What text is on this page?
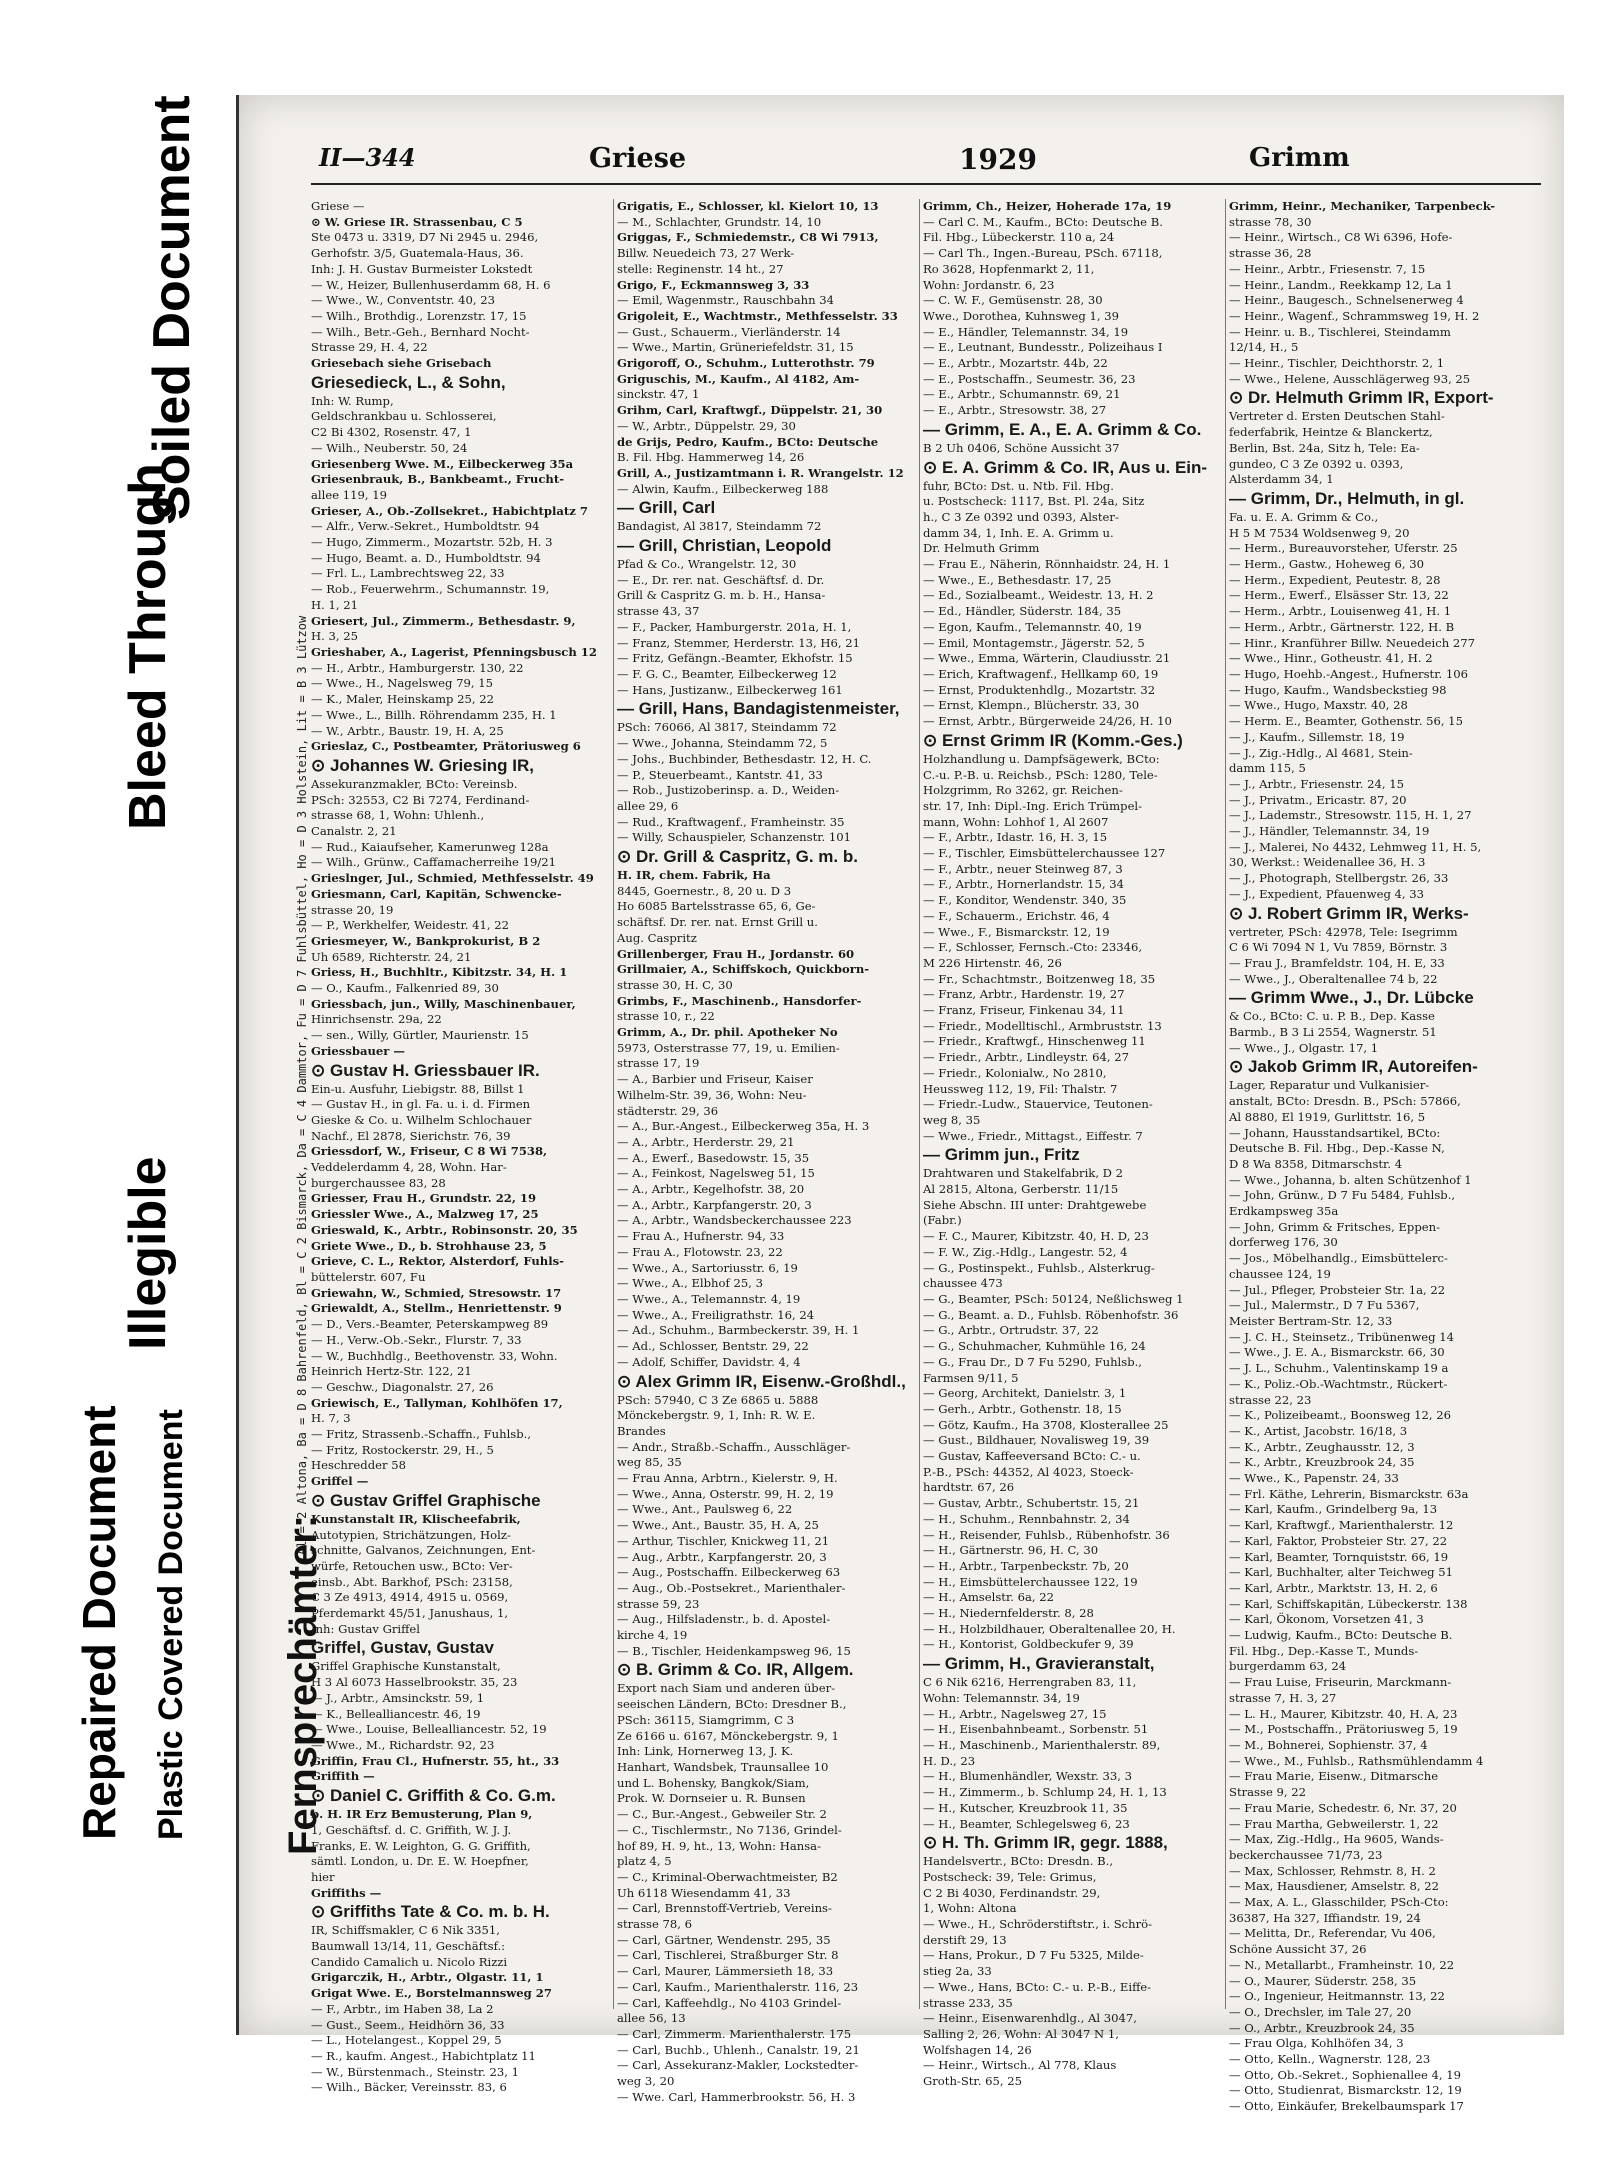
Repaired Document
Illegible
Bleed Through
Soiled Document
Plastic Covered Document
II—344	Griese	1929	Grimm
Al = 2 Altona, Ba = D 8 Bahrenfeld, Bl = C 2 Bismarck, Da = C 4 Dammtor, Fu = D 7 Fuhlsbüttel, Ho = D 3 Holstein, Lit = B 3 Lützow
Fernsprechämter:

Griese —

⊙ W. Griese IR. Strassenbau, C 5

Ste 0473 u. 3319, D7 Ni 2945 u. 2946,

Gerhofstr. 3/5, Guatemala-Haus, 36.

Inh: J. H. Gustav Burmeister Lokstedt

— W., Heizer, Bullenhuserdamm 68, H. 6

— Wwe., W., Conventstr. 40, 23

— Wilh., Brothdig., Lorenzstr. 17, 15

— Wilh., Betr.-Geh., Bernhard Nocht-

Strasse 29, H. 4, 22

Griesebach siehe Grisebach

Griesedieck, L., & Sohn,

Inh: W. Rump,

Geldschrankbau u. Schlosserei,

C2 Bi 4302, Rosenstr. 47, 1

— Wilh., Neuberstr. 50, 24

Griesenberg Wwe. M., Eilbeckerweg 35a

Griesenbrauk, B., Bankbeamt., Frucht-

allee 119, 19

Grieser, A., Ob.-Zollsekret., Habichtplatz 7

— Alfr., Verw.-Sekret., Humboldtstr. 94

— Hugo, Zimmerm., Mozartstr. 52b, H. 3

— Hugo, Beamt. a. D., Humboldtstr. 94

— Frl. L., Lambrechtsweg 22, 33

— Rob., Feuerwehrm., Schumannstr. 19,

H. 1, 21

Griesert, Jul., Zimmerm., Bethesdastr. 9,

H. 3, 25

Grieshaber, A., Lagerist, Pfenningsbusch 12

— H., Arbtr., Hamburgerstr. 130, 22

— Wwe., H., Nagelsweg 79, 15

— K., Maler, Heinskamp 25, 22

— Wwe., L., Billh. Röhrendamm 235, H. 1

— W., Arbtr., Baustr. 19, H. A, 25

Grieslaz, C., Postbeamter, Prätoriusweg 6

⊙ Johannes W. Griesing IR,

Assekuranzmakler, BCto: Vereinsb.

PSch: 32553, C2 Bi 7274, Ferdinand-

strasse 68, 1, Wohn: Uhlenh.,

Canalstr. 2, 21

— Rud., Kaiaufseher, Kamerunweg 128a

— Wilh., Grünw., Caffamacherreihe 19/21

Grieslnger, Jul., Schmied, Methfesselstr. 49

Griesmann, Carl, Kapitän, Schwencke-

strasse 20, 19

— P., Werkhelfer, Weidestr. 41, 22

Griesmeyer, W., Bankprokurist, B 2

Uh 6589, Richterstr. 24, 21

Griess, H., Buchhltr., Kibitzstr. 34, H. 1

— O., Kaufm., Falkenried 89, 30

Griessbach, jun., Willy, Maschinenbauer,

Hinrichsenstr. 29a, 22

— sen., Willy, Gürtler, Maurienstr. 15

Griessbauer —

⊙ Gustav H. Griessbauer IR.

Ein-u. Ausfuhr, Liebigstr. 88, Billst 1

— Gustav H., in gl. Fa. u. i. d. Firmen

Gieske & Co. u. Wilhelm Schlochauer

Nachf., El 2878, Sierichstr. 76, 39

Griessdorf, W., Friseur, C 8 Wi 7538,

Veddelerdamm 4, 28, Wohn. Har-

burgerchaussee 83, 28

Griesser, Frau H., Grundstr. 22, 19

Griessler Wwe., A., Malzweg 17, 25

Grieswald, K., Arbtr., Robinsonstr. 20, 35

Griete Wwe., D., b. Strohhause 23, 5

Grieve, C. L., Rektor, Alsterdorf, Fuhls-

büttelerstr. 607, Fu

Griewahn, W., Schmied, Stresowstr. 17

Griewaldt, A., Stellm., Henriettenstr. 9

— D., Vers.-Beamter, Peterskampweg 89

— H., Verw.-Ob.-Sekr., Flurstr. 7, 33

— W., Buchhdlg., Beethovenstr. 33, Wohn.

Heinrich Hertz-Str. 122, 21

— Geschw., Diagonalstr. 27, 26

Griewisch, E., Tallyman, Kohlhöfen 17,

H. 7, 3

— Fritz, Strassenb.-Schaffn., Fuhlsb.,

— Fritz, Rostockerstr. 29, H., 5

Heschredder 58

Griffel —

⊙ Gustav Griffel Graphische

Kunstanstalt IR, Klischeefabrik,

Autotypien, Strichätzungen, Holz-

schnitte, Galvanos, Zeichnungen, Ent-

würfe, Retouchen usw., BCto: Ver-

einsb., Abt. Barkhof, PSch: 23158,

C 3 Ze 4913, 4914, 4915 u. 0569,

Pferdemarkt 45/51, Janushaus, 1,

Inh: Gustav Griffel

Griffel, Gustav, Gustav

Griffel Graphische Kunstanstalt,

H 3 Al 6073 Hasselbrookstr. 35, 23

— J., Arbtr., Amsinckstr. 59, 1

— K., Bellealliancestr. 46, 19

— Wwe., Louise, Bellealliancestr. 52, 19

— Wwe., M., Richardstr. 92, 23

Griffin, Frau Cl., Hufnerstr. 55, ht., 33

Griffith —

⊙ Daniel C. Griffith & Co. G.m.

b. H. IR Erz Bemusterung, Plan 9,

1, Geschäftsf. d. C. Griffith, W. J. J.

Franks, E. W. Leighton, G. G. Griffith,

sämtl. London, u. Dr. E. W. Hoepfner,

hier

Griffiths —

⊙ Griffiths Tate & Co. m. b. H.

IR, Schiffsmakler, C 6 Nik 3351,

Baumwall 13/14, 11, Geschäftsf.:

Candido Camalich u. Nicolo Rizzi

Grigarczik, H., Arbtr., Olgastr. 11, 1

Grigat Wwe. E., Borstelmannsweg 27

— F., Arbtr., im Haben 38, La 2

— Gust., Seem., Heidhörn 36, 33

— L., Hotelangest., Koppel 29, 5

— R., kaufm. Angest., Habichtplatz 11

— W., Bürstenmach., Steinstr. 23, 1

— Wilh., Bäcker, Vereinsstr. 83, 6

Grigatis, E., Schlosser, kl. Kielort 10, 13

— M., Schlachter, Grundstr. 14, 10

Griggas, F., Schmiedemstr., C8 Wi 7913,

Billw. Neuedeich 73, 27 Werk-

stelle: Reginenstr. 14 ht., 27

Grigo, F., Eckmannsweg 3, 33

— Emil, Wagenmstr., Rauschbahn 34

Grigoleit, E., Wachtmstr., Methfesselstr. 33

— Gust., Schauerm., Vierländerstr. 14

— Wwe., Martin, Grüneriefeldstr. 31, 15

Grigoroff, O., Schuhm., Lutterothstr. 79

Griguschis, M., Kaufm., Al 4182, Am-

sinckstr. 47, 1

Grihm, Carl, Kraftwgf., Düppelstr. 21, 30

— W., Arbtr., Düppelstr. 29, 30

de Grijs, Pedro, Kaufm., BCto: Deutsche

B. Fil. Hbg. Hammerweg 14, 26

Grill, A., Justizamtmann i. R. Wrangelstr. 12

— Alwin, Kaufm., Eilbeckerweg 188

— Grill, Carl

Bandagist, Al 3817, Steindamm 72

— Grill, Christian, Leopold

Pfad & Co., Wrangelstr. 12, 30

— E., Dr. rer. nat. Geschäftsf. d. Dr.

Grill & Caspritz G. m. b. H., Hansa-

strasse 43, 37

— F., Packer, Hamburgerstr. 201a, H. 1,

— Franz, Stemmer, Herderstr. 13, H6, 21

— Fritz, Gefängn.-Beamter, Ekhofstr. 15

— F. G. C., Beamter, Eilbeckerweg 12

— Hans, Justizanw., Eilbeckerweg 161

— Grill, Hans, Bandagistenmeister,

PSch: 76066, Al 3817, Steindamm 72

— Wwe., Johanna, Steindamm 72, 5

— Johs., Buchbinder, Bethesdastr. 12, H. C.

— P., Steuerbeamt., Kantstr. 41, 33

— Rob., Justizoberinsp. a. D., Weiden-

allee 29, 6

— Rud., Kraftwagenf., Framheinstr. 35

— Willy, Schauspieler, Schanzenstr. 101

⊙ Dr. Grill & Caspritz, G. m. b.

H. IR, chem. Fabrik, Ha

8445, Goernestr., 8, 20 u. D 3

Ho 6085 Bartelsstrasse 65, 6, Ge-

schäftsf. Dr. rer. nat. Ernst Grill u.

Aug. Caspritz

Grillenberger, Frau H., Jordanstr. 60

Grillmaier, A., Schiffskoch, Quickborn-

strasse 30, H. C, 30

Grimbs, F., Maschinenb., Hansdorfer-

strasse 10, r., 22

Grimm, A., Dr. phil. Apotheker No

5973, Osterstrasse 77, 19, u. Emilien-

strasse 17, 19

— A., Barbier und Friseur, Kaiser

Wilhelm-Str. 39, 36, Wohn: Neu-

städterstr. 29, 36

— A., Bur.-Angest., Eilbeckerweg 35a, H. 3

— A., Arbtr., Herderstr. 29, 21

— A., Ewerf., Basedowstr. 15, 35

— A., Feinkost, Nagelsweg 51, 15

— A., Arbtr., Kegelhofstr. 38, 20

— A., Arbtr., Karpfangerstr. 20, 3

— A., Arbtr., Wandsbeckerchaussee 223

— Frau A., Hufnerstr. 94, 33

— Frau A., Flotowstr. 23, 22

— Wwe., A., Sartoriusstr. 6, 19

— Wwe., A., Elbhof 25, 3

— Wwe., A., Telemannstr. 4, 19

— Wwe., A., Freiligrathstr. 16, 24

— Ad., Schuhm., Barmbeckerstr. 39, H. 1

— Ad., Schlosser, Bentstr. 29, 22

— Adolf, Schiffer, Davidstr. 4, 4

⊙ Alex Grimm IR, Eisenw.-Großhdl.,

PSch: 57940, C 3 Ze 6865 u. 5888

Mönckebergstr. 9, 1, Inh: R. W. E.

Brandes

— Andr., Straßb.-Schaffn., Ausschläger-

weg 85, 35

— Frau Anna, Arbtrn., Kielerstr. 9, H.

— Wwe., Anna, Osterstr. 99, H. 2, 19

— Wwe., Ant., Paulsweg 6, 22

— Wwe., Ant., Baustr. 35, H. A, 25

— Arthur, Tischler, Knickweg 11, 21

— Aug., Arbtr., Karpfangerstr. 20, 3

— Aug., Postschaffn. Eilbeckerweg 63

— Aug., Ob.-Postsekret., Marienthaler-

strasse 59, 23

— Aug., Hilfsladenstr., b. d. Apostel-

kirche 4, 19

— B., Tischler, Heidenkampsweg 96, 15

⊙ B. Grimm & Co. IR, Allgem.

Export nach Siam und anderen über-

seeischen Ländern, BCto: Dresdner B.,

PSch: 36115, Siamgrimm, C 3

Ze 6166 u. 6167, Mönckebergstr. 9, 1

Inh: Link, Hornerweg 13, J. K.

Hanhart, Wandsbek, Traunsallee 10

und L. Bohensky, Bangkok/Siam,

Prok. W. Dornseier u. R. Bunsen

— C., Bur.-Angest., Gebweiler Str. 2

— C., Tischlermstr., No 7136, Grindel-

hof 89, H. 9, ht., 13, Wohn: Hansa-

platz 4, 5

— C., Kriminal-Oberwachtmeister, B2

Uh 6118 Wiesendamm 41, 33

— Carl, Brennstoff-Vertrieb, Vereins-

strasse 78, 6

— Carl, Gärtner, Wendenstr. 295, 35

— Carl, Tischlerei, Straßburger Str. 8

— Carl, Maurer, Lämmersieth 18, 33

— Carl, Kaufm., Marienthalerstr. 116, 23

— Carl, Kaffeehdlg., No 4103 Grindel-

allee 56, 13

— Carl, Zimmerm. Marienthalerstr. 175

— Carl, Buchb., Uhlenh., Canalstr. 19, 21

— Carl, Assekuranz-Makler, Lockstedter-

weg 3, 20

— Wwe. Carl, Hammerbrookstr. 56, H. 3

Grimm, Ch., Heizer, Hoherade 17a, 19

— Carl C. M., Kaufm., BCto: Deutsche B.

Fil. Hbg., Lübeckerstr. 110 a, 24

— Carl Th., Ingen.-Bureau, PSch. 67118,

Ro 3628, Hopfenmarkt 2, 11,

Wohn: Jordanstr. 6, 23

— C. W. F., Gemüsenstr. 28, 30

Wwe., Dorothea, Kuhnsweg 1, 39

— E., Händler, Telemannstr. 34, 19

— E., Leutnant, Bundesstr., Polizeihaus I

— E., Arbtr., Mozartstr. 44b, 22

— E., Postschaffn., Seumestr. 36, 23

— E., Arbtr., Schumannstr. 69, 21

— E., Arbtr., Stresowstr. 38, 27

— Grimm, E. A., E. A. Grimm & Co.

B 2 Uh 0406, Schöne Aussicht 37

⊙ E. A. Grimm & Co. IR, Aus u. Ein-

fuhr, BCto: Dst. u. Ntb. Fil. Hbg.

u. Postscheck: 1117, Bst. Pl. 24a, Sitz

h., C 3 Ze 0392 und 0393, Alster-

damm 34, 1, Inh. E. A. Grimm u.

Dr. Helmuth Grimm

— Frau E., Näherin, Rönnhaidstr. 24, H. 1

— Wwe., E., Bethesdastr. 17, 25

— Ed., Sozialbeamt., Weidestr. 13, H. 2

— Ed., Händler, Süderstr. 184, 35

— Egon, Kaufm., Telemannstr. 40, 19

— Emil, Montagemstr., Jägerstr. 52, 5

— Wwe., Emma, Wärterin, Claudiusstr. 21

— Erich, Kraftwagenf., Hellkamp 60, 19

— Ernst, Produktenhdlg., Mozartstr. 32

— Ernst, Klempn., Blücherstr. 33, 30

— Ernst, Arbtr., Bürgerweide 24/26, H. 10

⊙ Ernst Grimm IR (Komm.-Ges.)

Holzhandlung u. Dampfsägewerk, BCto:

C.-u. P.-B. u. Reichsb., PSch: 1280, Tele-

Holzgrimm, Ro 3262, gr. Reichen-

str. 17, Inh: Dipl.-Ing. Erich Trümpel-

mann, Wohn: Lohhof 1, Al 2607

— F., Arbtr., Idastr. 16, H. 3, 15

— F., Tischler, Eimsbüttelerchaussee 127

— F., Arbtr., neuer Steinweg 87, 3

— F., Arbtr., Hornerlandstr. 15, 34

— F., Konditor, Wendenstr. 340, 35

— F., Schauerm., Erichstr. 46, 4

— Wwe., F., Bismarckstr. 12, 19

— F., Schlosser, Fernsch.-Cto: 23346,

M 226 Hirtenstr. 46, 26

— Fr., Schachtmstr., Boitzenweg 18, 35

— Franz, Arbtr., Hardenstr. 19, 27

— Franz, Friseur, Finkenau 34, 11

— Friedr., Modelltischl., Armbruststr. 13

— Friedr., Kraftwgf., Hinschenweg 11

— Friedr., Arbtr., Lindleystr. 64, 27

— Friedr., Kolonialw., No 2810,

Heussweg 112, 19, Fil: Thalstr. 7

— Friedr.-Ludw., Stauervice, Teutonen-

weg 8, 35

— Wwe., Friedr., Mittagst., Eiffestr. 7

— Grimm jun., Fritz

Drahtwaren und Stakelfabrik, D 2

Al 2815, Altona, Gerberstr. 11/15

Siehe Abschn. III unter: Drahtgewebe

(Fabr.)

— F. C., Maurer, Kibitzstr. 40, H. D, 23

— F. W., Zig.-Hdlg., Langestr. 52, 4

— G., Postinspekt., Fuhlsb., Alsterkrug-

chaussee 473

— G., Beamter, PSch: 50124, Neßlichsweg 1

— G., Beamt. a. D., Fuhlsb. Röbenhofstr. 36

— G., Arbtr., Ortrudstr. 37, 22

— G., Schuhmacher, Kuhmühle 16, 24

— G., Frau Dr., D 7 Fu 5290, Fuhlsb.,

Farmsen 9/11, 5

— Georg, Architekt, Danielstr. 3, 1

— Gerh., Arbtr., Gothenstr. 18, 15

— Götz, Kaufm., Ha 3708, Klosterallee 25

— Gust., Bildhauer, Novalisweg 19, 39

— Gustav, Kaffeeversand BCto: C.- u.

P.-B., PSch: 44352, Al 4023, Stoeck-

hardtstr. 67, 26

— Gustav, Arbtr., Schubertstr. 15, 21

— H., Schuhm., Rennbahnstr. 2, 34

— H., Reisender, Fuhlsb., Rübenhofstr. 36

— H., Gärtnerstr. 96, H. C, 30

— H., Arbtr., Tarpenbeckstr. 7b, 20

— H., Eimsbüttelerchaussee 122, 19

— H., Amselstr. 6a, 22

— H., Niedernfelderstr. 8, 28

— H., Holzbildhauer, Oberaltenallee 20, H.

— H., Kontorist, Goldbeckufer 9, 39

— Grimm, H., Gravieranstalt,

C 6 Nik 6216, Herrengraben 83, 11,

Wohn: Telemannstr. 34, 19

— H., Arbtr., Nagelsweg 27, 15

— H., Eisenbahnbeamt., Sorbenstr. 51

— H., Maschinenb., Marienthalerstr. 89,

H. D., 23

— H., Blumenhändler, Wexstr. 33, 3

— H., Zimmerm., b. Schlump 24, H. 1, 13

— H., Kutscher, Kreuzbrook 11, 35

— H., Beamter, Schlegelsweg 6, 23

⊙ H. Th. Grimm IR, gegr. 1888,

Handelsvertr., BCto: Dresdn. B.,

Postscheck: 39, Tele: Grimus,

C 2 Bi 4030, Ferdinandstr. 29,

1, Wohn: Altona

— Wwe., H., Schröderstiftstr., i. Schrö-

derstift 29, 13

— Hans, Prokur., D 7 Fu 5325, Milde-

stieg 2a, 33

— Wwe., Hans, BCto: C.- u. P.-B., Eiffe-

strasse 233, 35

— Heinr., Eisenwarenhdlg., Al 3047,

Salling 2, 26, Wohn: Al 3047 N 1,

Wolfshagen 14, 26

— Heinr., Wirtsch., Al 778, Klaus

Groth-Str. 65, 25

Grimm, Heinr., Mechaniker, Tarpenbeck-

strasse 78, 30

— Heinr., Wirtsch., C8 Wi 6396, Hofe-

strasse 36, 28

— Heinr., Arbtr., Friesenstr. 7, 15

— Heinr., Landm., Reekkamp 12, La 1

— Heinr., Baugesch., Schnelsenerweg 4

— Heinr., Wagenf., Schrammsweg 19, H. 2

— Heinr. u. B., Tischlerei, Steindamm

12/14, H., 5

— Heinr., Tischler, Deichthorstr. 2, 1

— Wwe., Helene, Ausschlägerweg 93, 25

⊙ Dr. Helmuth Grimm IR, Export-

Vertreter d. Ersten Deutschen Stahl-

federfabrik, Heintze & Blanckertz,

Berlin, Bst. 24a, Sitz h, Tele: Ea-

gundeo, C 3 Ze 0392 u. 0393,

Alsterdamm 34, 1

— Grimm, Dr., Helmuth, in gl.

Fa. u. E. A. Grimm & Co.,

H 5 M 7534 Woldsenweg 9, 20

— Herm., Bureauvorsteher, Uferstr. 25

— Herm., Gastw., Hoheweg 6, 30

— Herm., Expedient, Peutestr. 8, 28

— Herm., Ewerf., Elsässer Str. 13, 22

— Herm., Arbtr., Louisenweg 41, H. 1

— Herm., Arbtr., Gärtnerstr. 122, H. B

— Hinr., Kranführer Billw. Neuedeich 277

— Wwe., Hinr., Gotheustr. 41, H. 2

— Hugo, Hoehb.-Angest., Hufnerstr. 106

— Hugo, Kaufm., Wandsbeckstieg 98

— Wwe., Hugo, Maxstr. 40, 28

— Herm. E., Beamter, Gothenstr. 56, 15

— J., Kaufm., Sillemstr. 18, 19

— J., Zig.-Hdlg., Al 4681, Stein-

damm 115, 5

— J., Arbtr., Friesenstr. 24, 15

— J., Privatm., Ericastr. 87, 20

— J., Lademstr., Stresowstr. 115, H. 1, 27

— J., Händler, Telemannstr. 34, 19

— J., Malerei, No 4432, Lehmweg 11, H. 5,

30, Werkst.: Weidenallee 36, H. 3

— J., Photograph, Stellbergstr. 26, 33

— J., Expedient, Pfauenweg 4, 33

⊙ J. Robert Grimm IR, Werks-

vertreter, PSch: 42978, Tele: Isegrimm

C 6 Wi 7094 N 1, Vu 7859, Börnstr. 3

— Frau J., Bramfeldstr. 104, H. E, 33

— Wwe., J., Oberaltenallee 74 b, 22

— Grimm Wwe., J., Dr. Lübcke

& Co., BCto: C. u. P. B., Dep. Kasse

Barmb., B 3 Li 2554, Wagnerstr. 51

— Wwe., J., Olgastr. 17, 1

⊙ Jakob Grimm IR, Autoreifen-

Lager, Reparatur und Vulkanisier-

anstalt, BCto: Dresdn. B., PSch: 57866,

Al 8880, El 1919, Gurlittstr. 16, 5

— Johann, Hausstandsartikel, BCto:

Deutsche B. Fil. Hbg., Dep.-Kasse N,

D 8 Wa 8358, Ditmarschstr. 4

— Wwe., Johanna, b. alten Schützenhof 1

— John, Grünw., D 7 Fu 5484, Fuhlsb.,

Erdkampsweg 35a

— John, Grimm & Fritsches, Eppen-

dorferweg 176, 30

— Jos., Möbelhandlg., Eimsbüttelerc-

chaussee 124, 19

— Jul., Pfleger, Probsteier Str. 1a, 22

— Jul., Malermstr., D 7 Fu 5367,

Meister Bertram-Str. 12, 33

— J. C. H., Steinsetz., Tribünenweg 14

— Wwe., J. E. A., Bismarckstr. 66, 30

— J. L., Schuhm., Valentinskamp 19 a

— K., Poliz.-Ob.-Wachtmstr., Rückert-

strasse 22, 23

— K., Polizeibeamt., Boonsweg 12, 26

— K., Artist, Jacobstr. 16/18, 3

— K., Arbtr., Zeughausstr. 12, 3

— K., Arbtr., Kreuzbrook 24, 35

— Wwe., K., Papenstr. 24, 33

— Frl. Käthe, Lehrerin, Bismarckstr. 63a

— Karl, Kaufm., Grindelberg 9a, 13

— Karl, Kraftwgf., Marienthalerstr. 12

— Karl, Faktor, Probsteier Str. 27, 22

— Karl, Beamter, Tornquiststr. 66, 19

— Karl, Buchhalter, alter Teichweg 51

— Karl, Arbtr., Marktstr. 13, H. 2, 6

— Karl, Schiffskapitän, Lübeckerstr. 138

— Karl, Ökonom, Vorsetzen 41, 3

— Ludwig, Kaufm., BCto: Deutsche B.

Fil. Hbg., Dep.-Kasse T., Munds-

burgerdamm 63, 24

— Frau Luise, Friseurin, Marckmann-

strasse 7, H. 3, 27

— L. H., Maurer, Kibitzstr. 40, H. A, 23

— M., Postschaffn., Prätoriusweg 5, 19

— M., Bohnerei, Sophienstr. 37, 4

— Wwe., M., Fuhlsb., Rathsmühlendamm 4

— Frau Marie, Eisenw., Ditmarsche

Strasse 9, 22

— Frau Marie, Schedestr. 6, Nr. 37, 20

— Frau Martha, Gebweilerstr. 1, 22

— Max, Zig.-Hdlg., Ha 9605, Wands-

beckerchaussee 71/73, 23

— Max, Schlosser, Rehmstr. 8, H. 2

— Max, Hausdiener, Amselstr. 8, 22

— Max, A. L., Glasschilder, PSch-Cto:

36387, Ha 327, Iffiandstr. 19, 24

— Melitta, Dr., Referendar, Vu 406,

Schöne Aussicht 37, 26

— N., Metallarbt., Framheinstr. 10, 22

— O., Maurer, Süderstr. 258, 35

— O., Ingenieur, Heitmannstr. 13, 22

— O., Drechsler, im Tale 27, 20

— O., Arbtr., Kreuzbrook 24, 35

— Frau Olga, Kohlhöfen 34, 3

— Otto, Kelln., Wagnerstr. 128, 23

— Otto, Ob.-Sekret., Sophienallee 4, 19

— Otto, Studienrat, Bismarckstr. 12, 19

— Otto, Einkäufer, Brekelbaumspark 17
